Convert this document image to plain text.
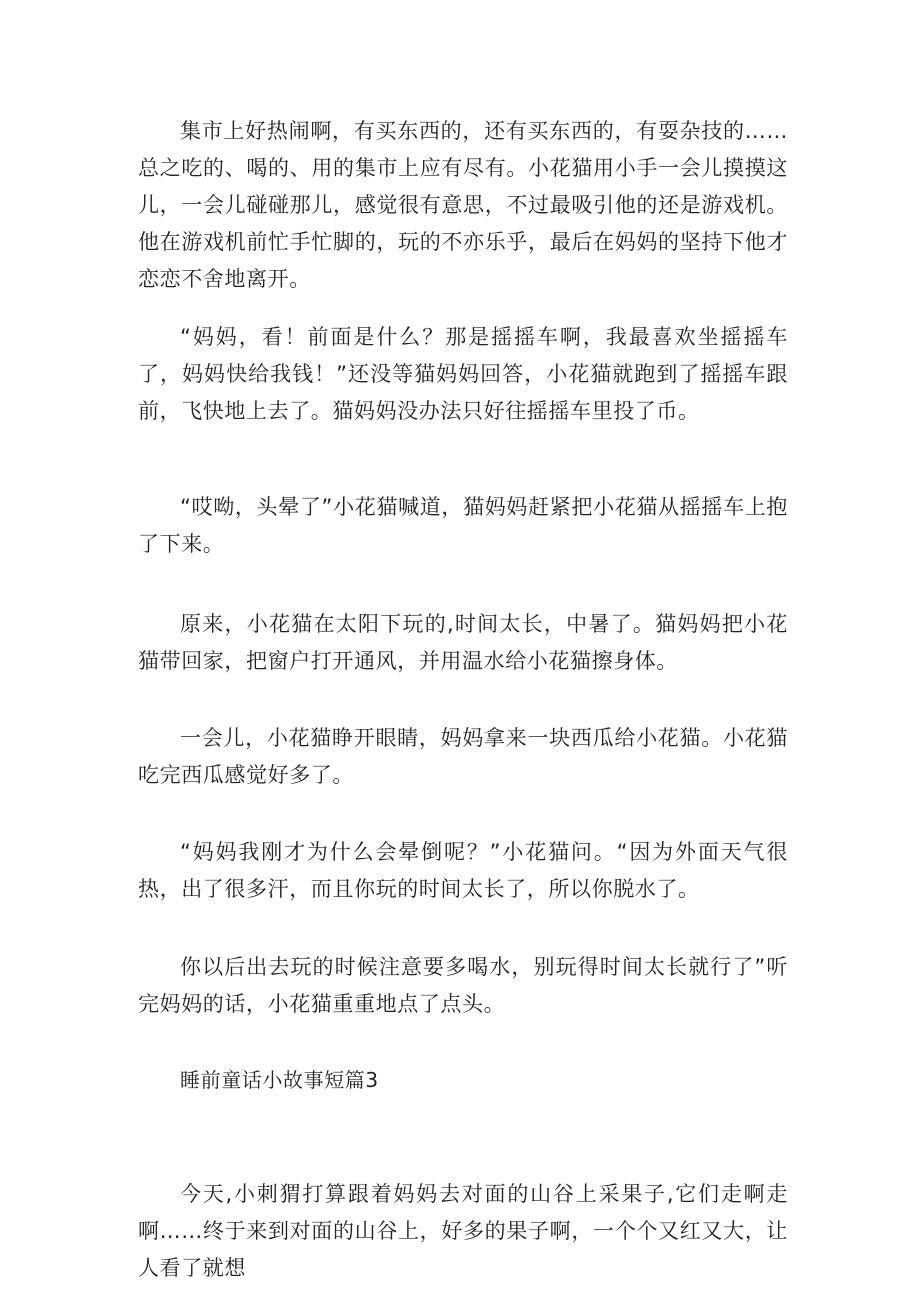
集市上好热闹啊，有买东西的，还有买东西的，有耍杂技的……总之吃的、喝的、用的集市上应有尽有。小花猫用小手一会儿摸摸这儿，一会儿碰碰那儿，感觉很有意思，不过最吸引他的还是游戏机。他在游戏机前忙手忙脚的，玩的不亦乐乎，最后在妈妈的坚持下他才恋恋不舍地离开。

“妈妈，看！前面是什么？那是摇摇车啊，我最喜欢坐摇摇车了，妈妈快给我钱！”还没等猫妈妈回答，小花猫就跑到了摇摇车跟前，飞快地上去了。猫妈妈没办法只好往摇摇车里投了币。

“哎呦，头晕了”小花猫喊道，猫妈妈赶紧把小花猫从摇摇车上抱了下来。

原来，小花猫在太阳下玩的,时间太长，中暑了。猫妈妈把小花猫带回家，把窗户打开通风，并用温水给小花猫擦身体。

一会儿，小花猫睁开眼睛，妈妈拿来一块西瓜给小花猫。小花猫吃完西瓜感觉好多了。

“妈妈我刚才为什么会晕倒呢？”小花猫问。“因为外面天气很热，出了很多汗，而且你玩的时间太长了，所以你脱水了。

你以后出去玩的时候注意要多喝水，别玩得时间太长就行了”听完妈妈的话，小花猫重重地点了点头。

睡前童话小故事短篇3

今天,小刺猬打算跟着妈妈去对面的山谷上采果子,它们走啊走啊……终于来到对面的山谷上，好多的果子啊，一个个又红又大，让人看了就想
